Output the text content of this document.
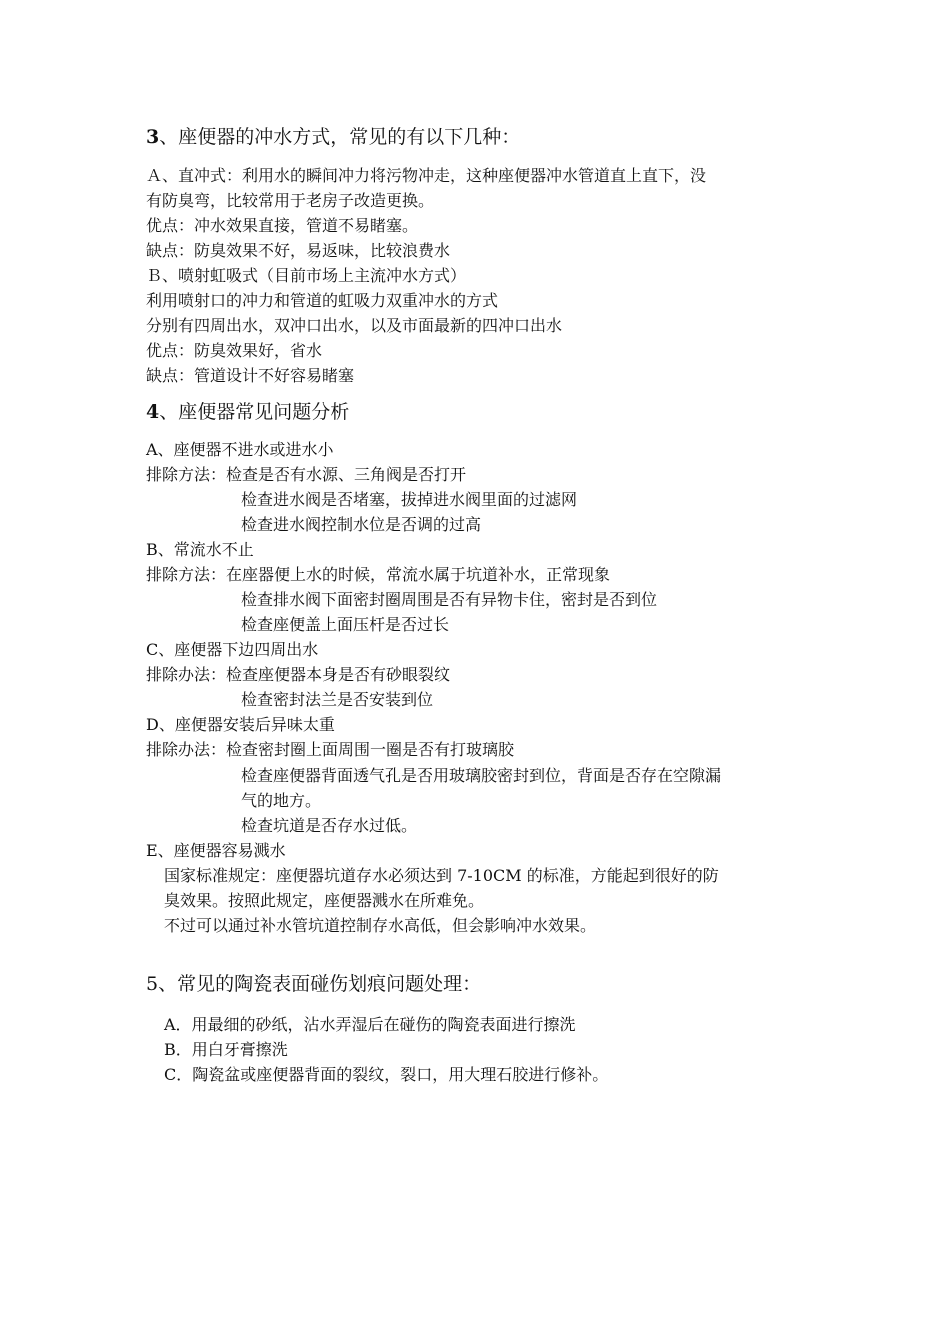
3、座便器的冲水方式，常见的有以下几种：
Ａ、直冲式：利用水的瞬间冲力将污物冲走，这种座便器冲水管道直上直下，没
有防臭弯，比较常用于老房子改造更换。
优点：冲水效果直接，管道不易睹塞。
缺点：防臭效果不好，易返味，比较浪费水
Ｂ、喷射虹吸式（目前市场上主流冲水方式）
利用喷射口的冲力和管道的虹吸力双重冲水的方式
分别有四周出水，双冲口出水，以及市面最新的四冲口出水
优点：防臭效果好，省水
缺点：管道设计不好容易睹塞
4、座便器常见问题分析
A、座便器不进水或进水小
排除方法：检查是否有水源、三角阀是否打开
检查进水阀是否堵塞，拔掉进水阀里面的过滤网
检查进水阀控制水位是否调的过高
B、常流水不止
排除方法：在座器便上水的时候，常流水属于坑道补水，正常现象
检查排水阀下面密封圈周围是否有异物卡住，密封是否到位
检查座便盖上面压杆是否过长
C、座便器下边四周出水
排除办法：检查座便器本身是否有砂眼裂纹
检查密封法兰是否安装到位
D、座便器安装后异味太重
排除办法：检查密封圈上面周围一圈是否有打玻璃胶
检查座便器背面透气孔是否用玻璃胶密封到位，背面是否存在空隙漏
气的地方。
检查坑道是否存水过低。
E、座便器容易溅水
国家标准规定：座便器坑道存水必须达到 7-10CM 的标准，方能起到很好的防
臭效果。按照此规定，座便器溅水在所难免。
不过可以通过补水管坑道控制存水高低，但会影响冲水效果。
5、常见的陶瓷表面碰伤划痕问题处理：
A．用最细的砂纸，沾水弄湿后在碰伤的陶瓷表面进行擦洗
B．用白牙膏擦洗
C．陶瓷盆或座便器背面的裂纹，裂口，用大理石胶进行修补。
